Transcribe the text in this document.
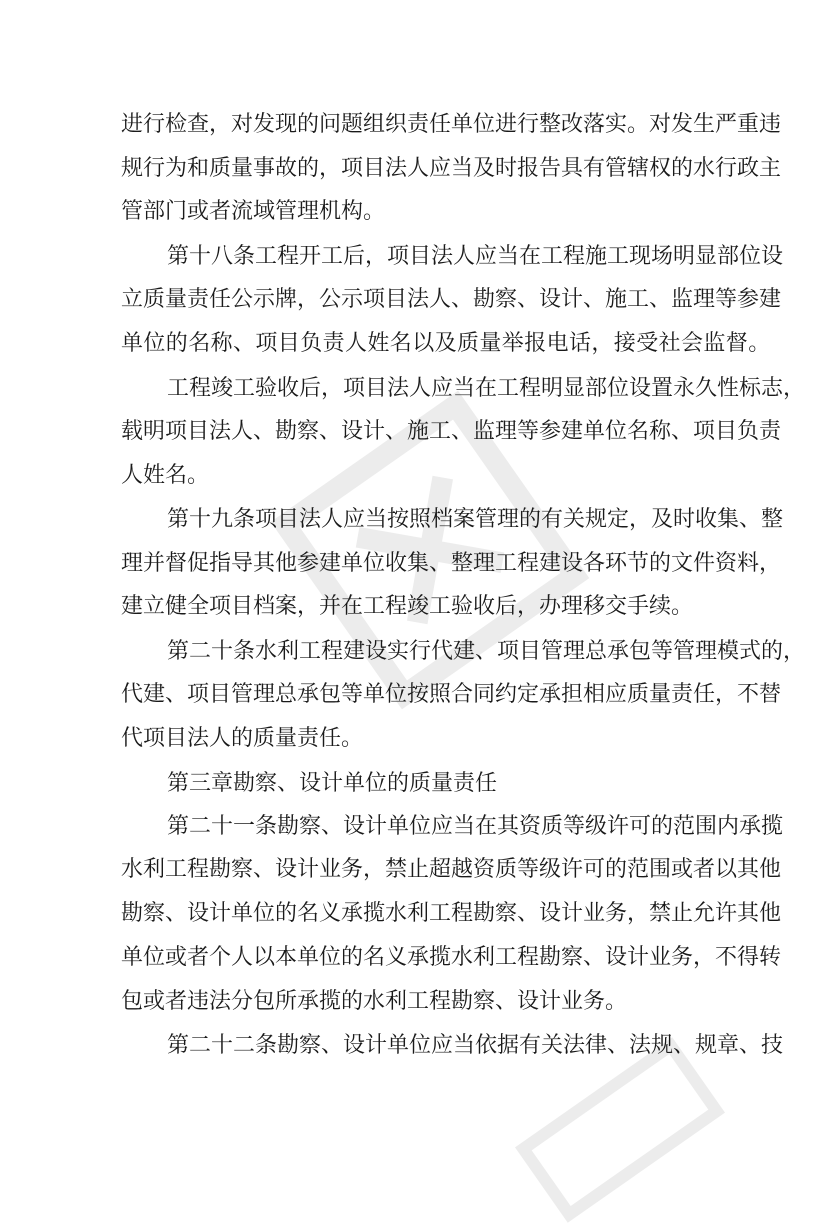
进行检查，对发现的问题组织责任单位进行整改落实。对发生严重违
规行为和质量事故的，项目法人应当及时报告具有管辖权的水行政主
管部门或者流域管理机构。
第十八条工程开工后，项目法人应当在工程施工现场明显部位设
立质量责任公示牌，公示项目法人、勘察、设计、施工、监理等参建
单位的名称、项目负责人姓名以及质量举报电话，接受社会监督。
工程竣工验收后，项目法人应当在工程明显部位设置永久性标志，
载明项目法人、勘察、设计、施工、监理等参建单位名称、项目负责
人姓名。
第十九条项目法人应当按照档案管理的有关规定，及时收集、整
理并督促指导其他参建单位收集、整理工程建设各环节的文件资料，
建立健全项目档案，并在工程竣工验收后，办理移交手续。
第二十条水利工程建设实行代建、项目管理总承包等管理模式的，
代建、项目管理总承包等单位按照合同约定承担相应质量责任，不替
代项目法人的质量责任。
第三章勘察、设计单位的质量责任
第二十一条勘察、设计单位应当在其资质等级许可的范围内承揽
水利工程勘察、设计业务，禁止超越资质等级许可的范围或者以其他
勘察、设计单位的名义承揽水利工程勘察、设计业务，禁止允许其他
单位或者个人以本单位的名义承揽水利工程勘察、设计业务，不得转
包或者违法分包所承揽的水利工程勘察、设计业务。
第二十二条勘察、设计单位应当依据有关法律、法规、规章、技
